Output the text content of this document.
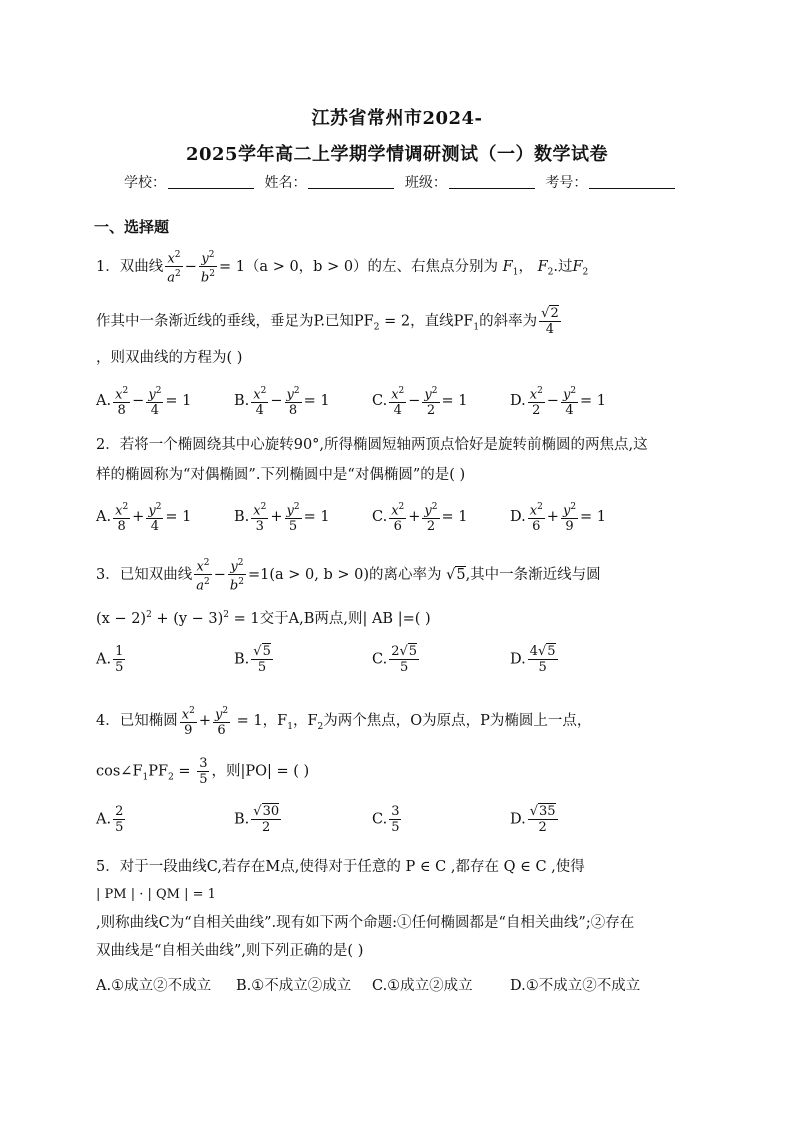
江苏省常州市2024-
2025学年高二上学期学情调研测试（一）数学试卷
学校：	姓名：	班级：	考号：
一、选择题
1．双曲线 $\frac{x^2}{a^2} - \frac{y^2}{b^2} = 1(a > 0$，b > 0）的左、右焦点分别为 $F_1$， $F_2$.过$F_2$
作其中一条渐近线的垂线，垂足为P.已知$PF_2 = 2$，直线$PF_1$的斜率为 $\frac{√2}{4}$
，则双曲线的方程为( )
A. $\frac{x^2}{8} - \frac{y^2}{4} = 1$	B. $\frac{x^2}{4} - \frac{y^2}{8} = 1$	C. $\frac{x^2}{4} - \frac{y^2}{2} = 1$	D. $\frac{x^2}{2} - \frac{y^2}{4} = 1$
2．若将一个椭圆绕其中心旋转90°,所得椭圆短轴两顶点恰好是旋转前椭圆的两焦点,这
样的椭圆称为“对偶椭圆”.下列椭圆中是“对偶椭圆”的是( )
A. $\frac{x^2}{8} + \frac{y^2}{4} = 1$	B. $\frac{x^2}{3} + \frac{y^2}{5} = 1$	C. $\frac{x^2}{6} + \frac{y^2}{2} = 1$	D. $\frac{x^2}{6} + \frac{y^2}{9} = 1$
3．已知双曲线 $\frac{x^2}{a^2} - \frac{y^2}{b^2} =1(a > 0$, b > 0)的离心率为 √5,其中一条渐近线与圆
$(x - 2)^2 + (y - 3)^2 = 1$交于A,B两点,则| AB |=( )
A. $\frac{1}{5}$	B. $\frac{√5}{5}$	C. $\frac{2√5}{5}$	D. $\frac{4√5}{5}$
4．已知椭圆 $\frac{x^2}{9} + \frac{y^2}{6} = 1$，$F_1$，$F_2$为两个焦点，O为原点，P为椭圆上一点，
$\cos\angle F_1PF_2 = \frac{3}{5}$ ，则|PO| = ( )
A. $\frac{2}{5}$	B. $\frac{√30}{2}$	C. $\frac{3}{5}$	D. $\frac{√35}{2}$
5．对于一段曲线C,若存在M点,使得对于任意的 P ∈ C ,都存在 Q ∈ C ,使得
| PM | · | QM | = 1
,则称曲线C为“自相关曲线”.现有如下两个命题:①任何椭圆都是“自相关曲线”;②存在
双曲线是“自相关曲线”,则下列正确的是( )
A.①成立②不成立 B.①不成立②成立 C.①成立②成立	D.①不成立②不成立
